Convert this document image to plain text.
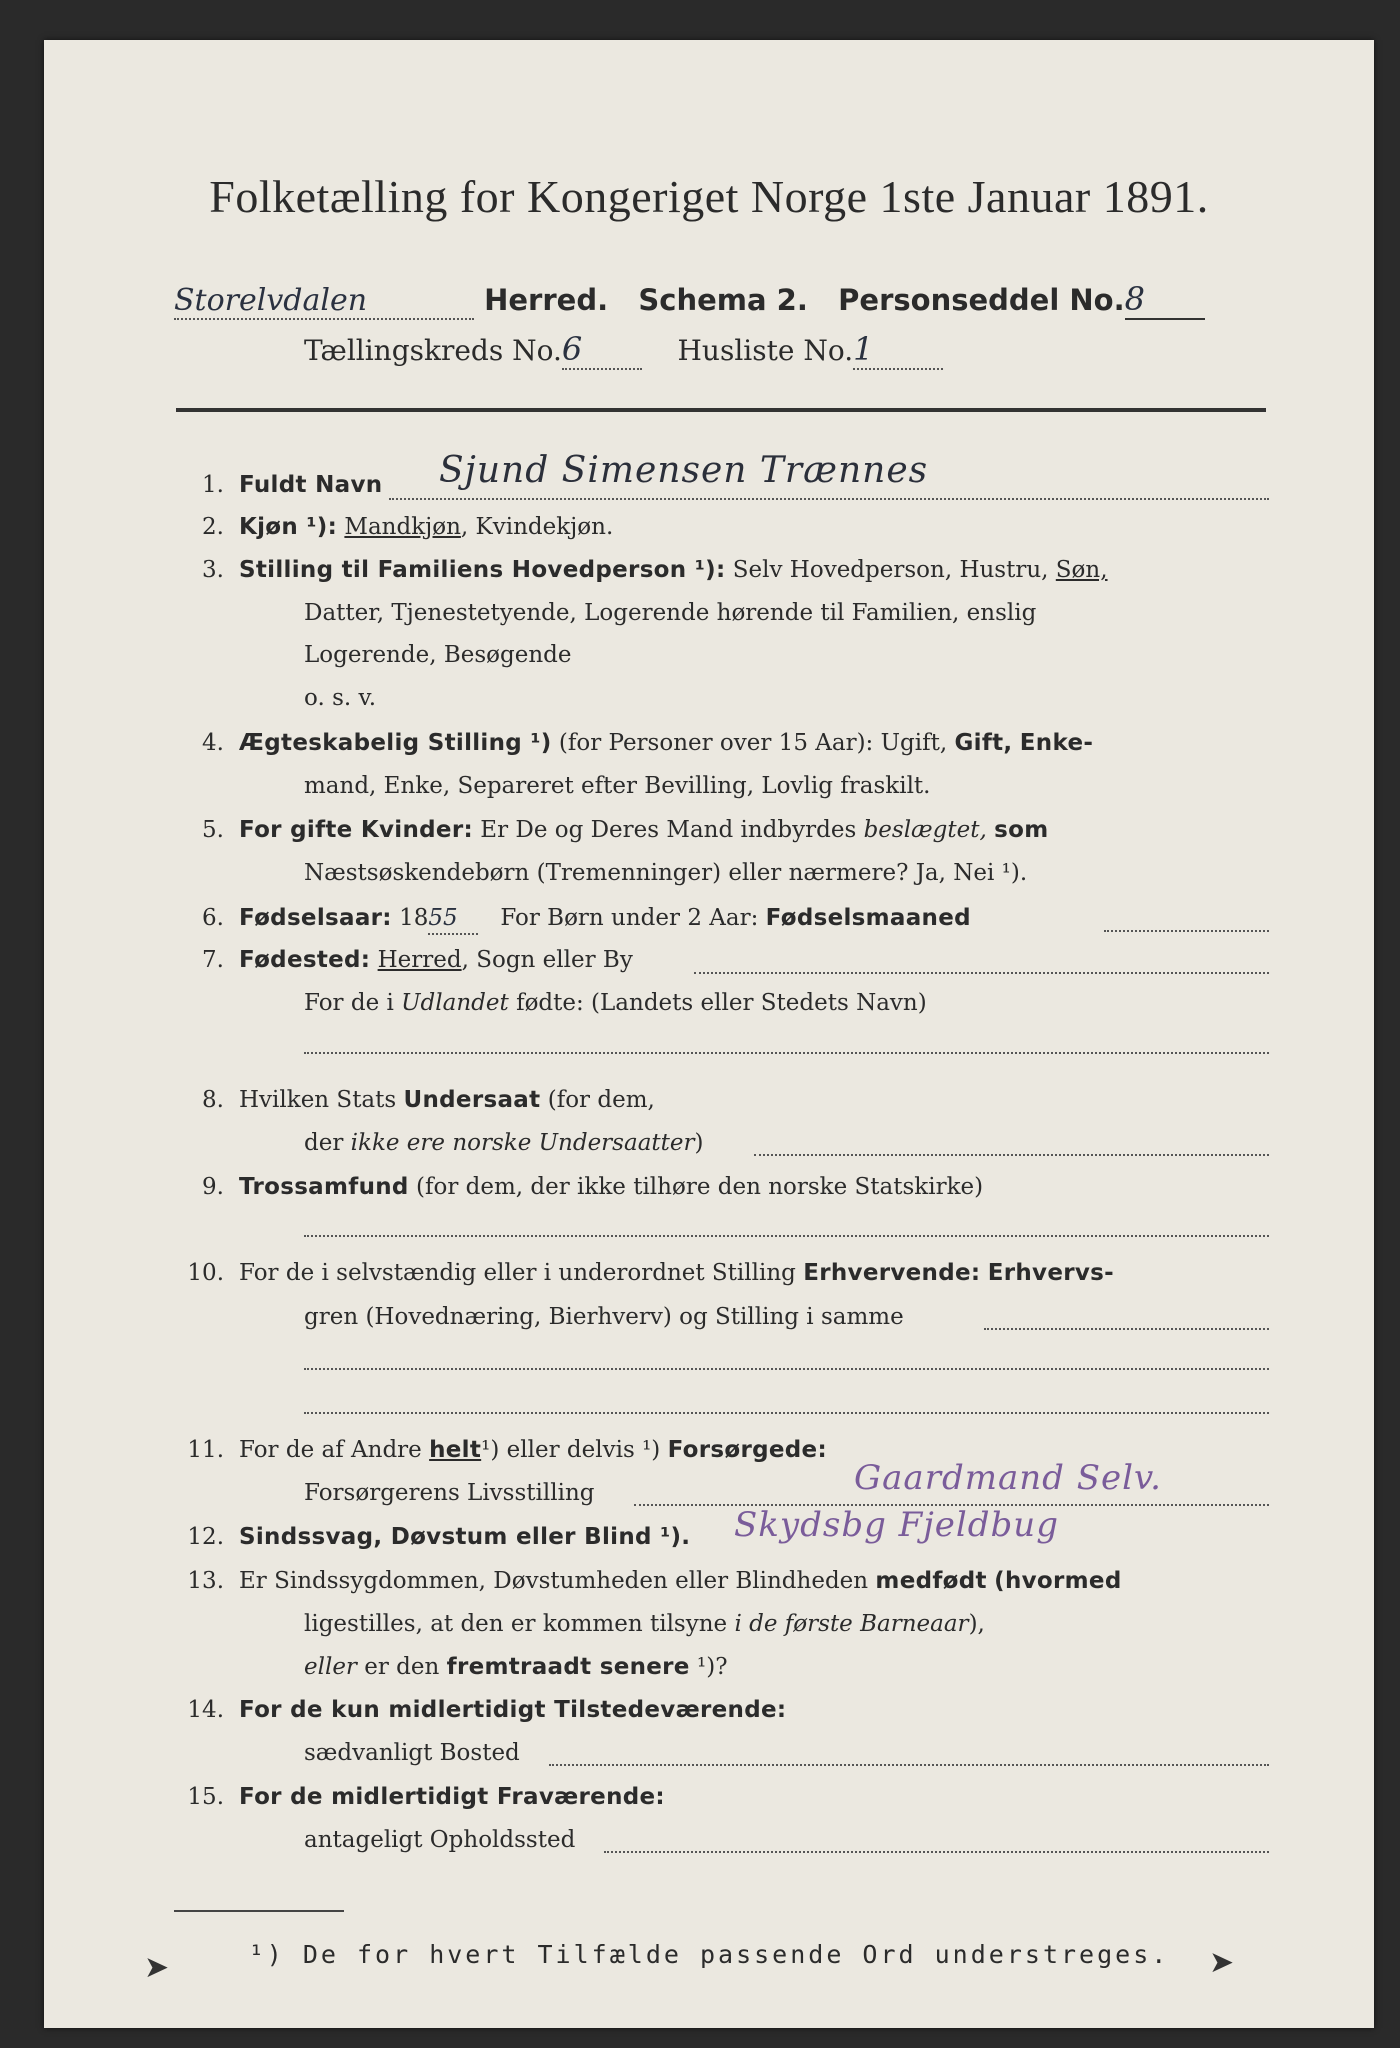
Folketælling for Kongeriget Norge 1ste Januar 1891.
Storelvdalen	Herred. Schema 2. Personseddel No.8
Tællingskreds No.6	Husliste No.1
1. Fuldt Navn	Sjund Simensen Trænnes
2. Kjøn ¹): Mandkjøn, Kvindekjøn.
3. Stilling til Familiens Hovedperson ¹): Selv Hovedperson, Hustru, Søn,
Datter, Tjenestetyende, Logerende hørende til Familien, enslig
Logerende, Besøgende
o. s. v.
4. Ægteskabelig Stilling ¹) (for Personer over 15 Aar): Ugift, Gift, Enke-
mand, Enke, Separeret efter Bevilling, Lovlig fraskilt.
5. For gifte Kvinder: Er De og Deres Mand indbyrdes beslægtet, som
Næstsøskendebørn (Tremenninger) eller nærmere? Ja, Nei ¹).
6. Fødselsaar: 1855 For Børn under 2 Aar: Fødselsmaaned
7. Fødested: Herred, Sogn eller By
For de i Udlandet fødte: (Landets eller Stedets Navn)
8. Hvilken Stats Undersaat (for dem,
der ikke ere norske Undersaatter)
9. Trossamfund (for dem, der ikke tilhøre den norske Statskirke)
10. For de i selvstændig eller i underordnet Stilling Erhvervende: Erhvervs-
gren (Hovednæring, Bierhverv) og Stilling i samme
11. For de af Andre helt¹) eller delvis ¹) Forsørgede:
Forsørgerens Livsstilling	Gaardmand Selv.
12. Sindssvag, Døvstum eller Blind ¹).	Skydsbg Fjeldbug
13. Er Sindssygdommen, Døvstumheden eller Blindheden medfødt (hvormed
ligestilles, at den er kommen tilsyne i de første Barneaar),
eller er den fremtraadt senere ¹)?
14. For de kun midlertidigt Tilstedeværende:
sædvanligt Bosted
15. For de midlertidigt Fraværende:
antageligt Opholdssted
¹) De for hvert Tilfælde passende Ord understreges.
➤	➤
